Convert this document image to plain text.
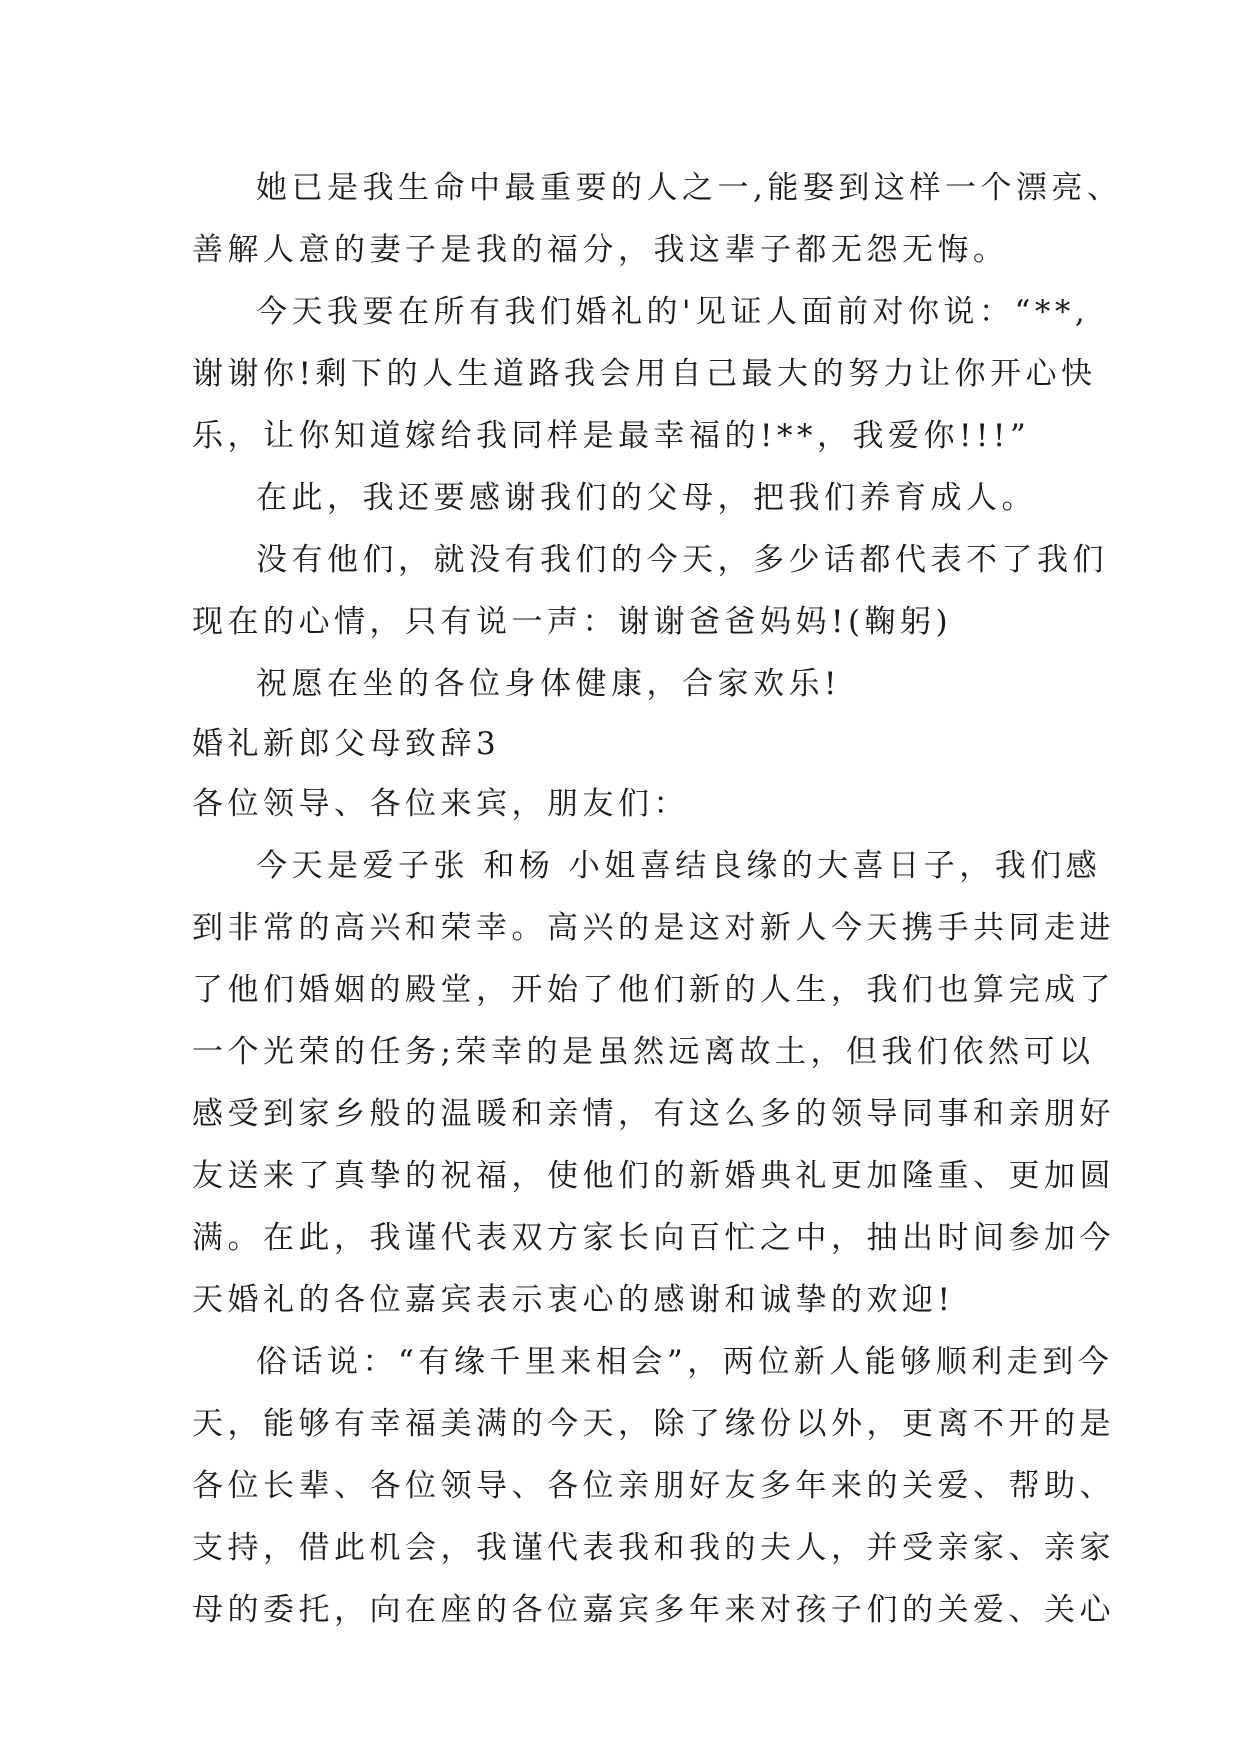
她已是我生命中最重要的人之一,能娶到这样一个漂亮、
善解人意的妻子是我的福分，我这辈子都无怨无悔。
今天我要在所有我们婚礼的'见证人面前对你说：“**,
谢谢你!剩下的人生道路我会用自己最大的努力让你开心快
乐，让你知道嫁给我同样是最幸福的!**，我爱你!!!”
在此，我还要感谢我们的父母，把我们养育成人。
没有他们，就没有我们的今天，多少话都代表不了我们
现在的心情，只有说一声：谢谢爸爸妈妈!(鞠躬)
祝愿在坐的各位身体健康，合家欢乐!
婚礼新郎父母致辞3
各位领导、各位来宾，朋友们：
今天是爱子张 和杨 小姐喜结良缘的大喜日子，我们感
到非常的高兴和荣幸。高兴的是这对新人今天携手共同走进
了他们婚姻的殿堂，开始了他们新的人生，我们也算完成了
一个光荣的任务;荣幸的是虽然远离故土，但我们依然可以
感受到家乡般的温暖和亲情，有这么多的领导同事和亲朋好
友送来了真挚的祝福，使他们的新婚典礼更加隆重、更加圆
满。在此，我谨代表双方家长向百忙之中，抽出时间参加今
天婚礼的各位嘉宾表示衷心的感谢和诚挚的欢迎!
俗话说：“有缘千里来相会”，两位新人能够顺利走到今
天，能够有幸福美满的今天，除了缘份以外，更离不开的是
各位长辈、各位领导、各位亲朋好友多年来的关爱、帮助、
支持，借此机会，我谨代表我和我的夫人，并受亲家、亲家
母的委托，向在座的各位嘉宾多年来对孩子们的关爱、关心
